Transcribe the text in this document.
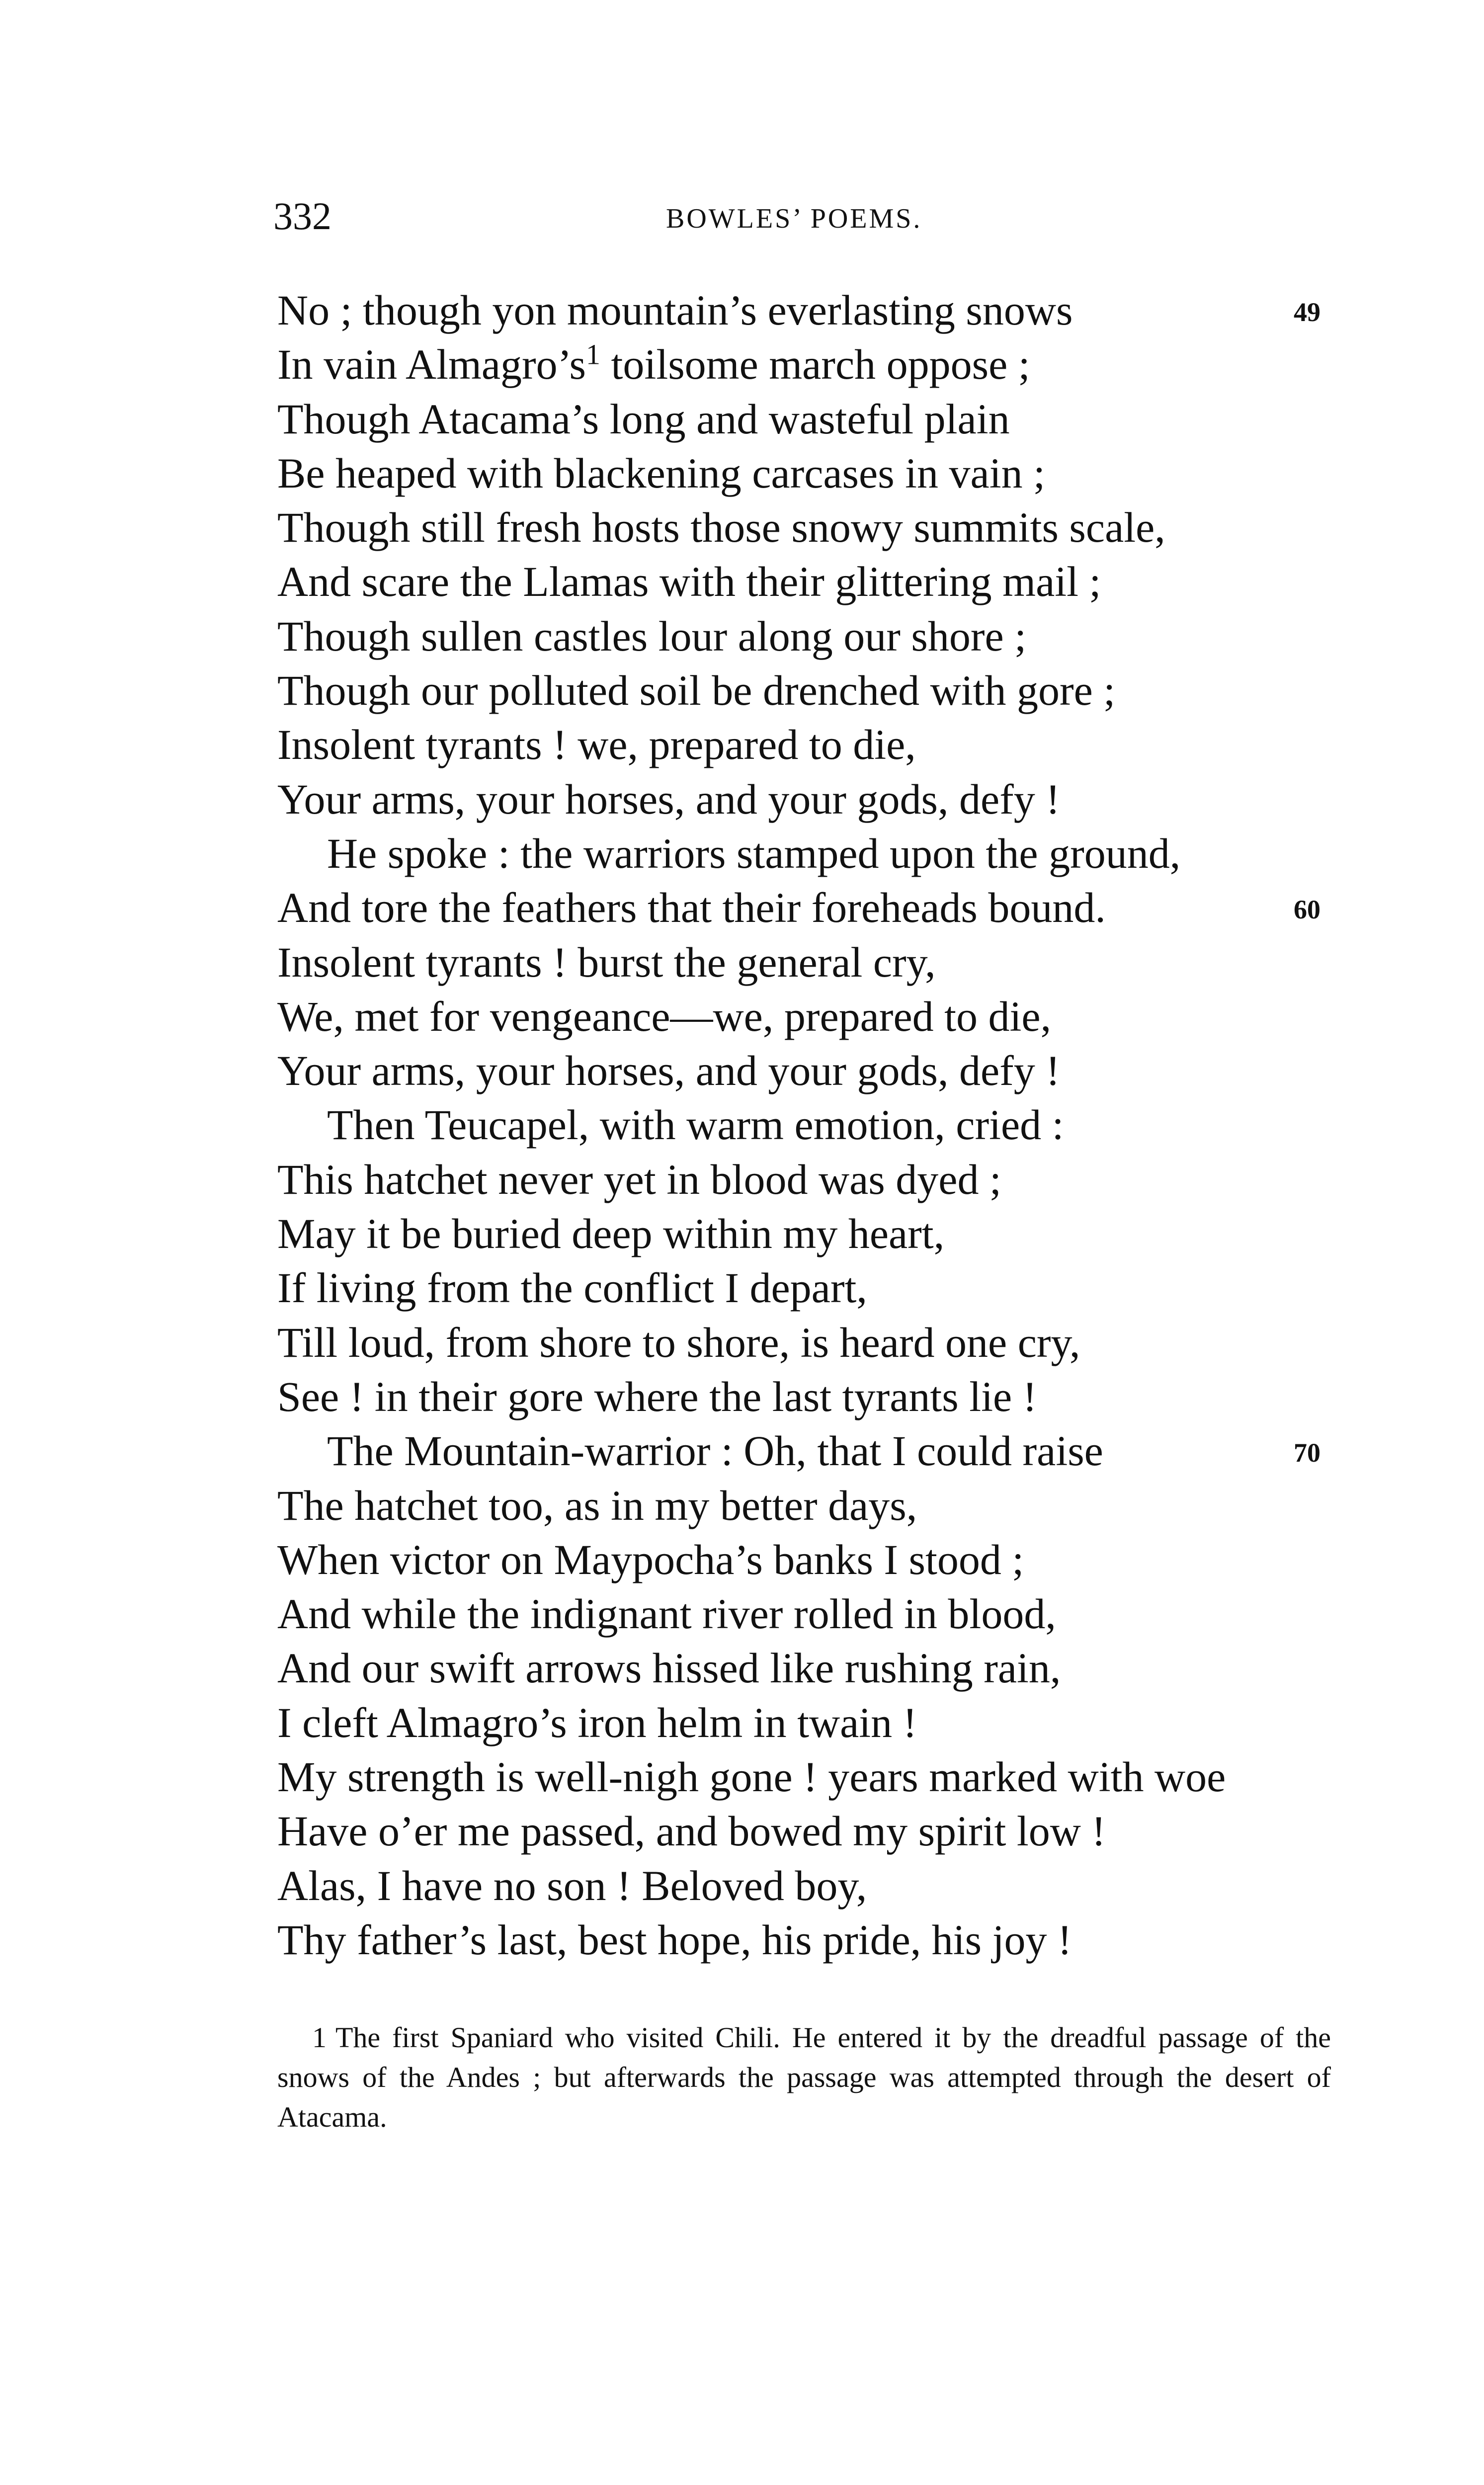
332	BOWLES’ POEMS.
No ; though yon mountain’s everlasting snows	49
In vain Almagro’s$^1$ toilsome march oppose ;
Though Atacama’s long and wasteful plain
Be heaped with blackening carcases in vain ;
Though still fresh hosts those snowy summits scale,
And scare the Llamas with their glittering mail ;
Though sullen castles lour along our shore ;
Though our polluted soil be drenched with gore ;
Insolent tyrants ! we, prepared to die,
Your arms, your horses, and your gods, defy !
He spoke : the warriors stamped upon the ground,
And tore the feathers that their foreheads bound.	60
Insolent tyrants ! burst the general cry,
We, met for vengeance—we, prepared to die,
Your arms, your horses, and your gods, defy !
Then Teucapel, with warm emotion, cried :
This hatchet never yet in blood was dyed ;
May it be buried deep within my heart,
If living from the conflict I depart,
Till loud, from shore to shore, is heard one cry,
See ! in their gore where the last tyrants lie !
The Mountain-warrior : Oh, that I could raise	70
The hatchet too, as in my better days,
When victor on Maypocha’s banks I stood ;
And while the indignant river rolled in blood,
And our swift arrows hissed like rushing rain,
I cleft Almagro’s iron helm in twain !
My strength is well-nigh gone ! years marked with woe
Have o’er me passed, and bowed my spirit low !
Alas, I have no son ! Beloved boy,
Thy father’s last, best hope, his pride, his joy !
1 The first Spaniard who visited Chili. He entered it by the dreadful passage of the snows of the Andes ; but afterwards the passage was attempted through the desert of Atacama.
